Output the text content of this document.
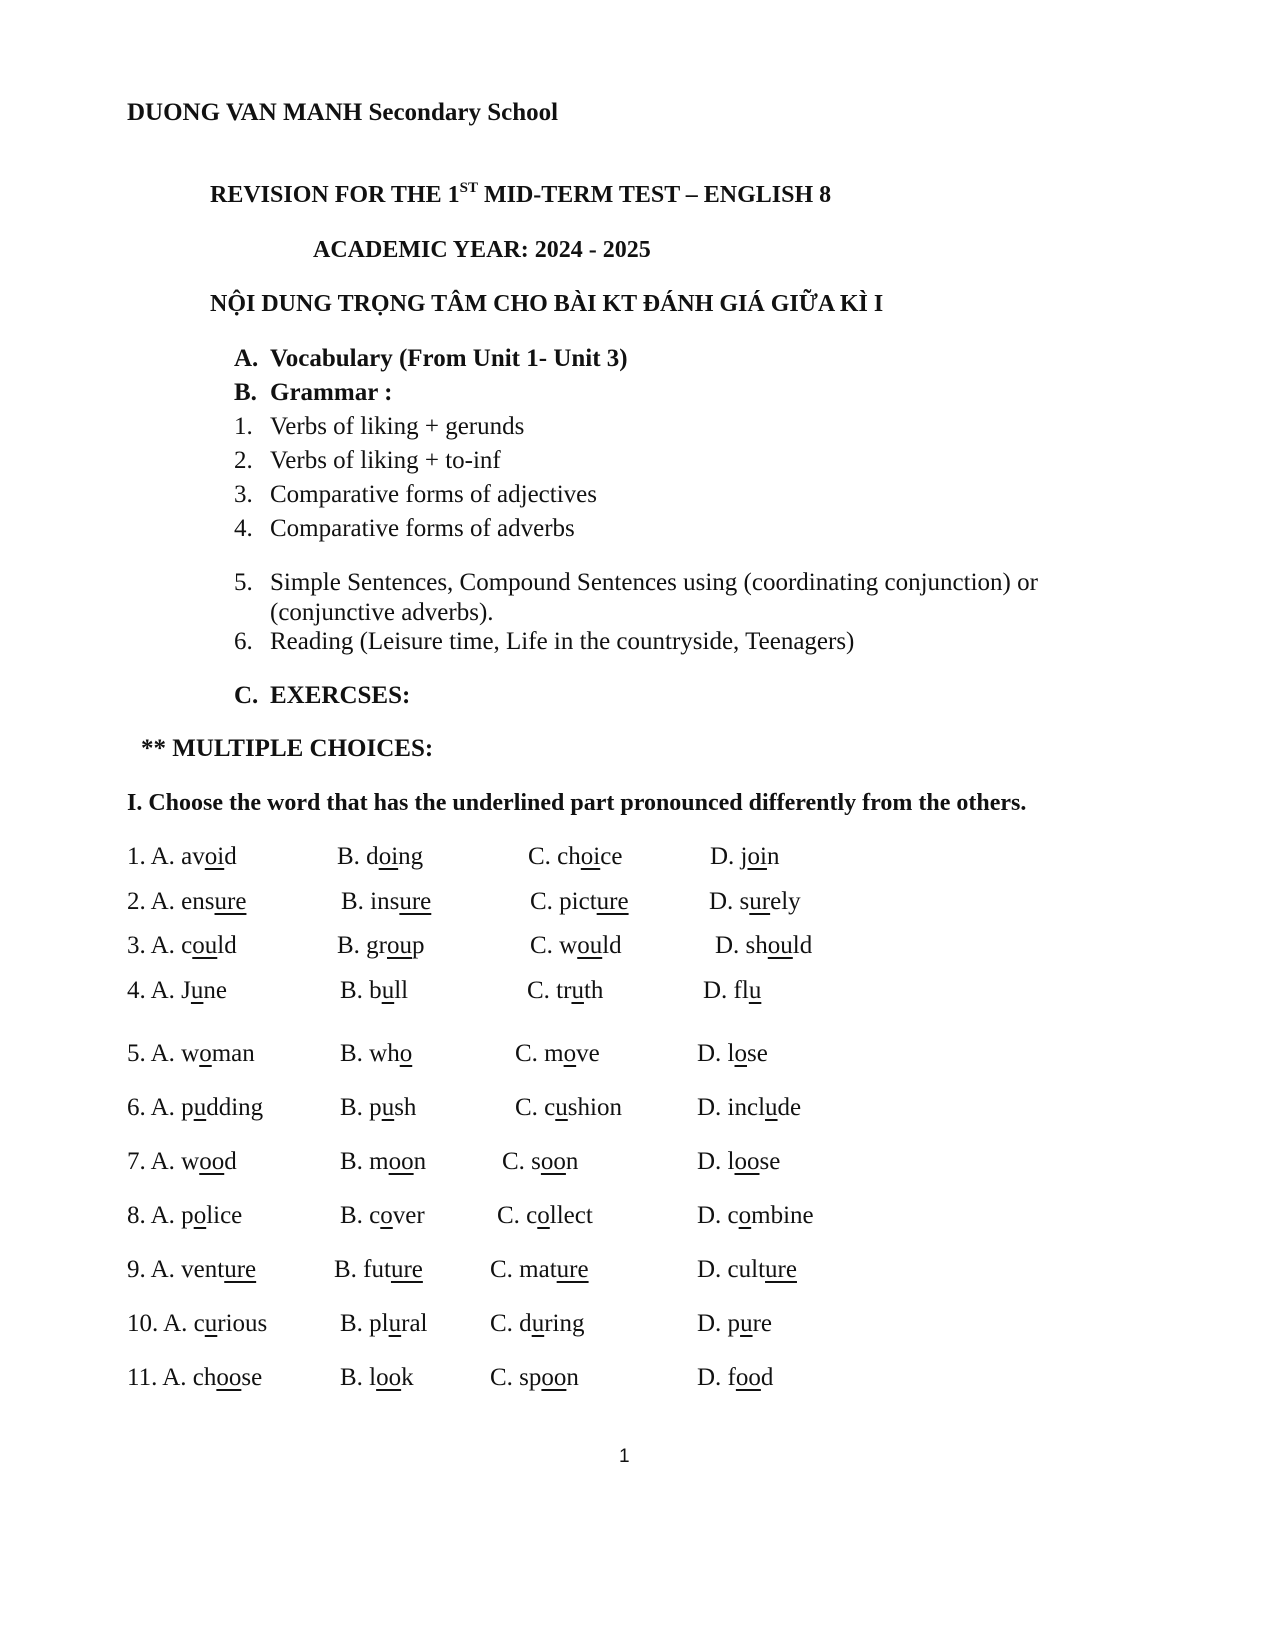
DUONG VAN MANH Secondary School
REVISION FOR THE 1ST MID-TERM TEST – ENGLISH 8
ACADEMIC YEAR: 2024 - 2025
NỘI DUNG TRỌNG TÂM CHO BÀI KT ĐÁNH GIÁ GIỮA KÌ I
A. Vocabulary (From Unit 1- Unit 3)
B. Grammar :
1. Verbs of liking + gerunds
2. Verbs of liking + to-inf
3. Comparative forms of adjectives
4. Comparative forms of adverbs
5. Simple Sentences, Compound Sentences using (coordinating conjunction) or
(conjunctive adverbs).
6. Reading (Leisure time, Life in the countryside, Teenagers)
C. EXERCSES:
** MULTIPLE CHOICES:
I. Choose the word that has the underlined part pronounced differently from the others.
1. A. avoid	B. doing	C. choice	D. join
2. A. ensure	B. insure	C. picture	D. surely
3. A. could	B. group	C. would	D. should
4. A. June	B. bull	C. truth	D. flu
5. A. woman	B. who	C. move	D. lose
6. A. pudding	B. push	C. cushion	D. include
7. A. wood	B. moon	C. soon	D. loose
8. A. police	B. cover	C. collect	D. combine
9. A. venture	B. future	C. mature	D. culture
10. A. curious	B. plural	C. during	D. pure
11. A. choose	B. look	C. spoon	D. food
1
